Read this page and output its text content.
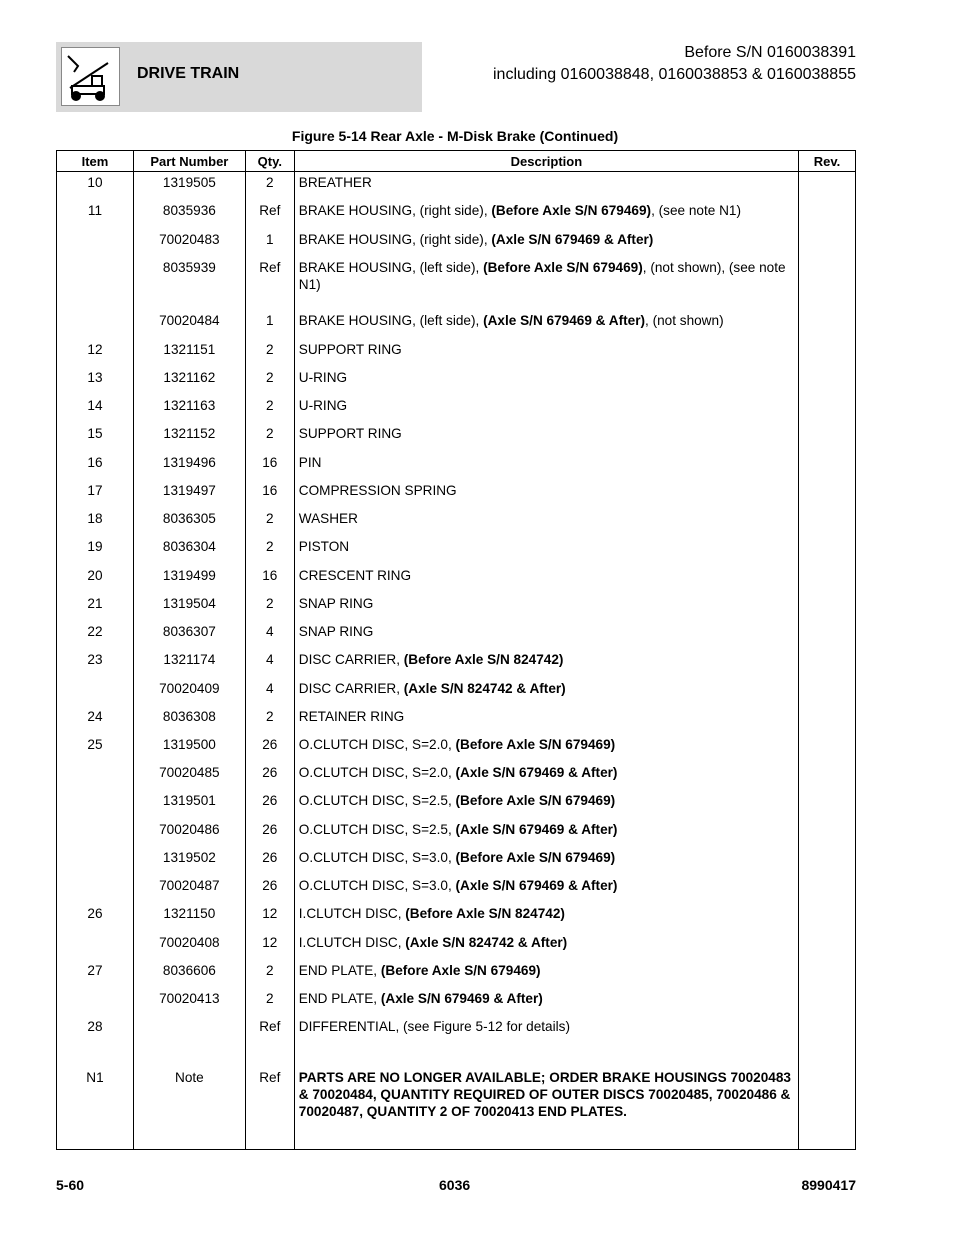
DRIVE TRAIN
Before S/N 0160038391
including 0160038848, 0160038853 & 0160038855
Figure 5-14 Rear Axle - M-Disk Brake (Continued)
Item	Part Number	Qty.	Description	Rev.
10	1319505	2	BREATHER	
11	8035936	Ref	BRAKE HOUSING, (right side), (Before Axle S/N 679469), (see note N1)	
	70020483	1	BRAKE HOUSING, (right side), (Axle S/N 679469 & After)	
	8035939	Ref	BRAKE HOUSING, (left side), (Before Axle S/N 679469), (not shown), (see note N1)	
	70020484	1	BRAKE HOUSING, (left side), (Axle S/N 679469 & After), (not shown)	
12	1321151	2	SUPPORT RING	
13	1321162	2	U-RING	
14	1321163	2	U-RING	
15	1321152	2	SUPPORT RING	
16	1319496	16	PIN	
17	1319497	16	COMPRESSION SPRING	
18	8036305	2	WASHER	
19	8036304	2	PISTON	
20	1319499	16	CRESCENT RING	
21	1319504	2	SNAP RING	
22	8036307	4	SNAP RING	
23	1321174	4	DISC CARRIER, (Before Axle S/N 824742)	
	70020409	4	DISC CARRIER, (Axle S/N 824742 & After)	
24	8036308	2	RETAINER RING	
25	1319500	26	O.CLUTCH DISC, S=2.0, (Before Axle S/N 679469)	
	70020485	26	O.CLUTCH DISC, S=2.0, (Axle S/N 679469 & After)	
	1319501	26	O.CLUTCH DISC, S=2.5, (Before Axle S/N 679469)	
	70020486	26	O.CLUTCH DISC, S=2.5, (Axle S/N 679469 & After)	
	1319502	26	O.CLUTCH DISC, S=3.0, (Before Axle S/N 679469)	
	70020487	26	O.CLUTCH DISC, S=3.0, (Axle S/N 679469 & After)	
26	1321150	12	I.CLUTCH DISC, (Before Axle S/N 824742)	
	70020408	12	I.CLUTCH DISC, (Axle S/N 824742 & After)	
27	8036606	2	END PLATE, (Before Axle S/N 679469)	
	70020413	2	END PLATE, (Axle S/N 679469 & After)	
28		Ref	DIFFERENTIAL, (see Figure 5-12 for details)	

N1	Note	Ref	PARTS ARE NO LONGER AVAILABLE; ORDER BRAKE HOUSINGS 70020483 & 70020484, QUANTITY REQUIRED OF OUTER DISCS 70020485, 70020486 & 70020487, QUANTITY 2 OF 70020413 END PLATES.	

5-60	6036	8990417
